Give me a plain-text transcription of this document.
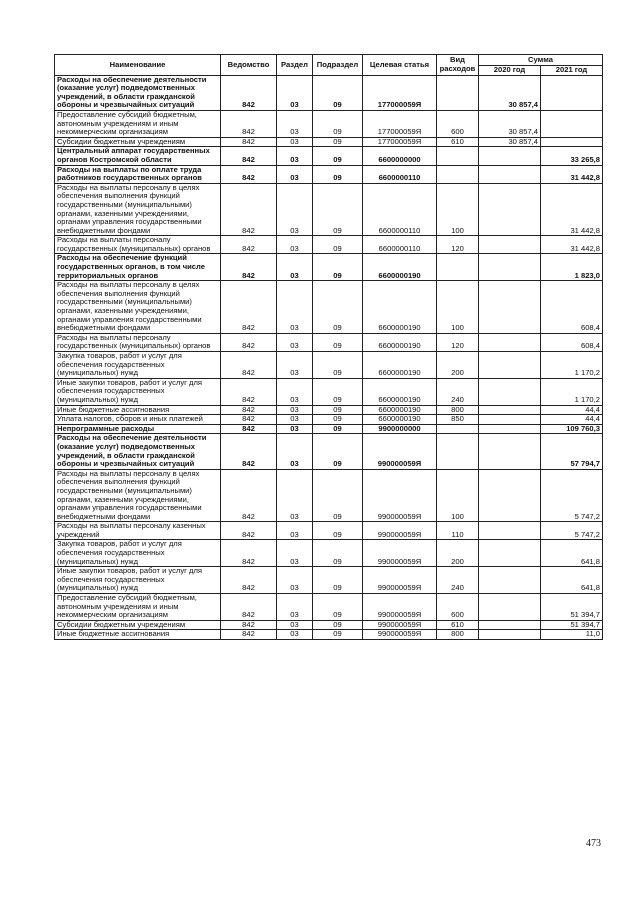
Наименование	Ведомство	Раздел	Подраздел	Целевая статья	Вид расходов	Сумма	
						2020 год	2021 год
Расходы на обеспечение деятельности (оказание услуг) подведомственных учреждений, в области гражданской обороны и чрезвычайных ситуаций	842	03	09	177000059Я		30 857,4	
Предоставление субсидий бюджетным, автономным учреждениям и иным некоммерческим организациям	842	03	09	177000059Я	600	30 857,4	
Субсидии бюджетным учреждениям	842	03	09	177000059Я	610	30 857,4	
Центральный аппарат государственных органов Костромской области	842	03	09	6600000000			33 265,8
Расходы на выплаты по оплате труда работников государственных органов	842	03	09	6600000110			31 442,8
Расходы на выплаты персоналу в целях обеспечения выполнения функций государственными (муниципальными) органами, казенными учреждениями, органами управления государственными внебюджетными фондами	842	03	09	6600000110	100		31 442,8
Расходы на выплаты персоналу государственных (муниципальных) органов	842	03	09	6600000110	120		31 442,8
Расходы на обеспечение функций государственных органов, в том числе территориальных органов	842	03	09	6600000190			1 823,0
Расходы на выплаты персоналу в целях обеспечения выполнения функций государственными (муниципальными) органами, казенными учреждениями, органами управления государственными внебюджетными фондами	842	03	09	6600000190	100		608,4
Расходы на выплаты персоналу государственных (муниципальных) органов	842	03	09	6600000190	120		608,4
Закупка товаров, работ и услуг для обеспечения государственных (муниципальных) нужд	842	03	09	6600000190	200		1 170,2
Иные закупки товаров, работ и услуг для обеспечения государственных (муниципальных) нужд	842	03	09	6600000190	240		1 170,2
Иные бюджетные ассигнования	842	03	09	6600000190	800		44,4
Уплата налогов, сборов и иных платежей	842	03	09	6600000190	850		44,4
Непрограммные расходы	842	03	09	9900000000			109 760,3
Расходы на обеспечение деятельности (оказание услуг) подведомственных учреждений, в области гражданской обороны и чрезвычайных ситуаций	842	03	09	990000059Я			57 794,7
Расходы на выплаты персоналу в целях обеспечения выполнения функций государственными (муниципальными) органами, казенными учреждениями, органами управления государственными внебюджетными фондами	842	03	09	990000059Я	100		5 747,2
Расходы на выплаты персоналу казенных учреждений	842	03	09	990000059Я	110		5 747,2
Закупка товаров, работ и услуг для обеспечения государственных (муниципальных) нужд	842	03	09	990000059Я	200		641,8
Иные закупки товаров, работ и услуг для обеспечения государственных (муниципальных) нужд	842	03	09	990000059Я	240		641,8
Предоставление субсидий бюджетным, автономным учреждениям и иным некоммерческим организациям	842	03	09	990000059Я	600		51 394,7
Субсидии бюджетным учреждениям	842	03	09	990000059Я	610		51 394,7
Иные бюджетные ассигнования	842	03	09	990000059Я	800		11,0
473
